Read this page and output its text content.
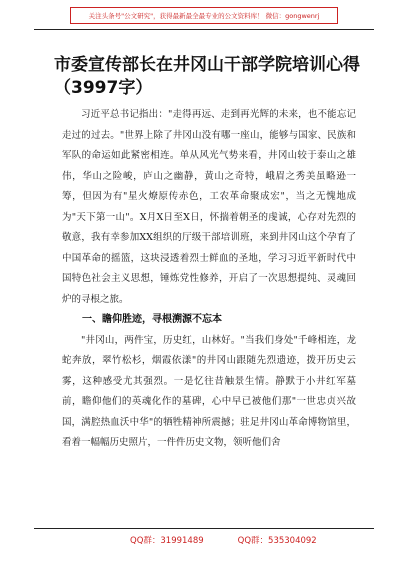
关注头条号"公文研究"，获得最新最全最专业的公文资料库！ 微信：gongwenrj
市委宣传部长在井冈山干部学院培训心得（3997字）

习近平总书记指出："走得再远、走到再光辉的未来，也不能忘记走过的过去。"世界上除了井冈山没有哪一座山，能够与国家、民族和军队的命运如此紧密相连。单从风光气势来看，井冈山较于泰山之雄伟，华山之险峻，庐山之幽静，黄山之奇特，峨眉之秀美虽略逊一筹，但因为有"星火燎原传赤色，工农革命聚成宏"，当之无愧地成为"天下第一山"。X月X日至X日，怀揣着朝圣的虔诚，心存对先烈的敬意，我有幸参加XX组织的厅级干部培训班，来到井冈山这个孕育了中国革命的摇篮，这块浸透着烈士鲜血的圣地，学习习近平新时代中国特色社会主义思想，锤炼党性修养，开启了一次思想提纯、灵魂回炉的寻根之旅。

一、瞻仰胜迹，寻根溯源不忘本

"井冈山，两件宝，历史红，山林好。"当我们身处"千峰相连，龙蛇奔放，翠竹松杉，烟霞依漾"的井冈山跟随先烈遗迹，拨开历史云雾，这种感受尤其强烈。一是忆往昔触景生情。静默于小井红军墓前，瞻仰他们的英魂化作的墓碑，心中早已被他们那"一世忠贞兴故国，满腔热血沃中华"的牺牲精神所震撼；驻足井冈山革命博物馆里，看着一幅幅历史照片，一件件历史文物，领听他们舍

QQ群：31991489	QQ群：535304092
